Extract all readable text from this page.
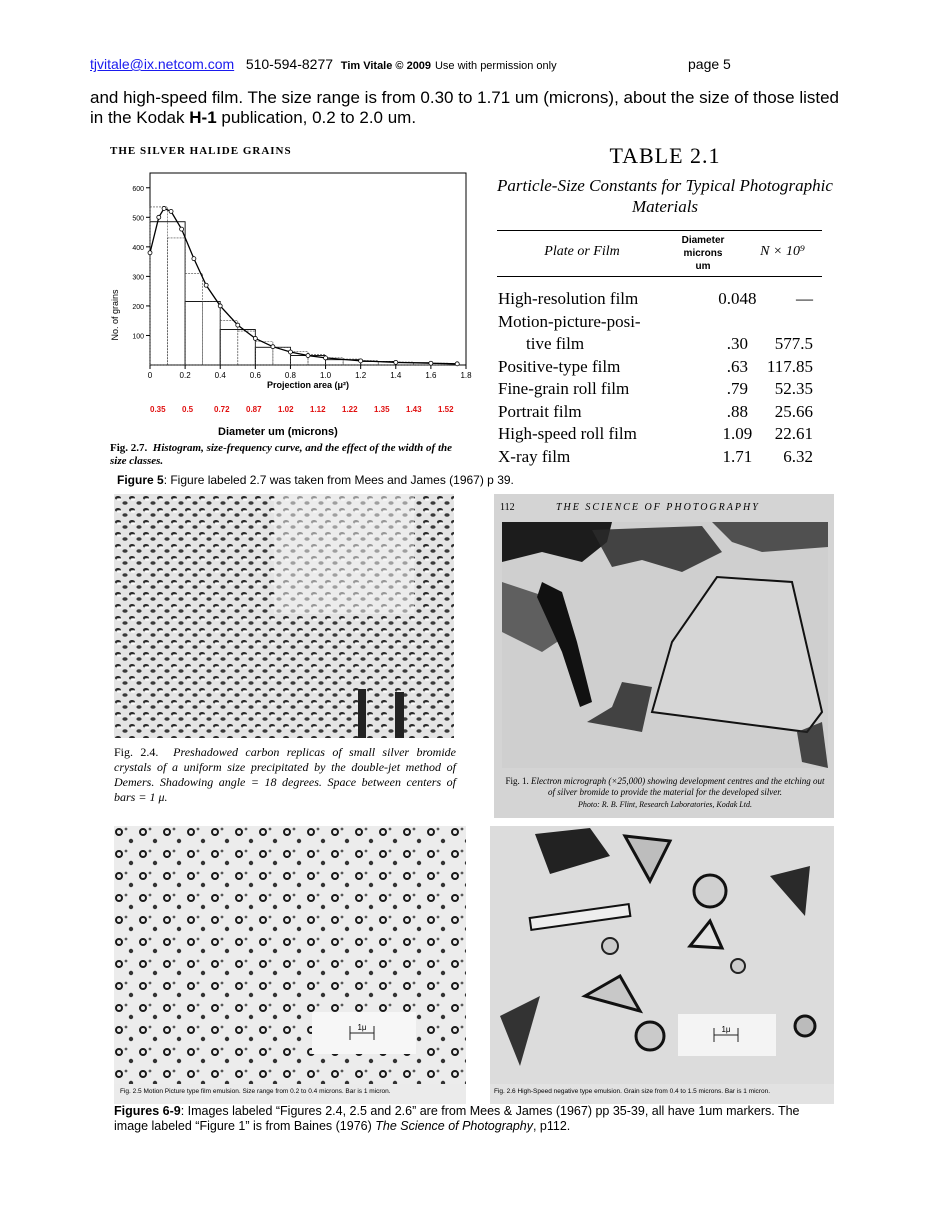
tjvitale@ix.netcom.com 510-594-8277 Tim Vitale © 2009 Use with permission only	page 5
and high-speed film. The size range is from 0.30 to 1.71 um (microns), about the size of those listed in the Kodak H-1 publication, 0.2 to 2.0 um.
THE SILVER HALIDE GRAINS
0	0.2	0.4	0.6	0.8	1.0	1.2	1.4	1.6	1.8
100
200
300
400
500
600
No. of grains
Projection area (μ²)
0.35 0.5	0.72 0.87 1.02 1.12 1.22 1.35 1.43 1.52
Diameter um (microns)
Fig. 2.7. Histogram, size-frequency curve, and the effect of the width of the size classes.
TABLE 2.1
Particle-Size Constants for Typical Photographic
Materials
Plate or Film
Diameter
microns
um
N × 10⁹
High-resolution film	0.048	—
Motion-picture-posi-		
tive film	.30	577.5
Positive-type film	.63	117.85
Fine-grain roll film	.79	52.35
Portrait film	.88	25.66
High-speed roll film	1.09	22.61
X-ray film	1.71	6.32
Figure 5: Figure labeled 2.7 was taken from Mees and James (1967) p 39.
Fig. 2.4. Preshadowed carbon replicas of small silver bromide crystals of a uniform size precipitated by the double-jet method of Demers. Shadowing angle = 18 degrees. Space between centers of bars = 1 μ.
112	THE SCIENCE OF PHOTOGRAPHY
Fig. 1. Electron micrograph (×25,000) showing development centres and the etching out of silver bromide to provide the material for the developed silver.
Photo: R. B. Flint, Research Laboratories, Kodak Ltd.
1μ
Fig. 2.5 Motion Picture type film emulsion. Size range from 0.2 to 0.4 microns. Bar is 1 micron.
1μ
Fig. 2.6 High-Speed negative type emulsion. Grain size from 0.4 to 1.5 microns. Bar is 1 micron.
Figures 6-9: Images labeled “Figures 2.4, 2.5 and 2.6” are from Mees & James (1967) pp 35-39, all have 1um markers. The image labeled “Figure 1” is from Baines (1976) The Science of Photography, p112.
